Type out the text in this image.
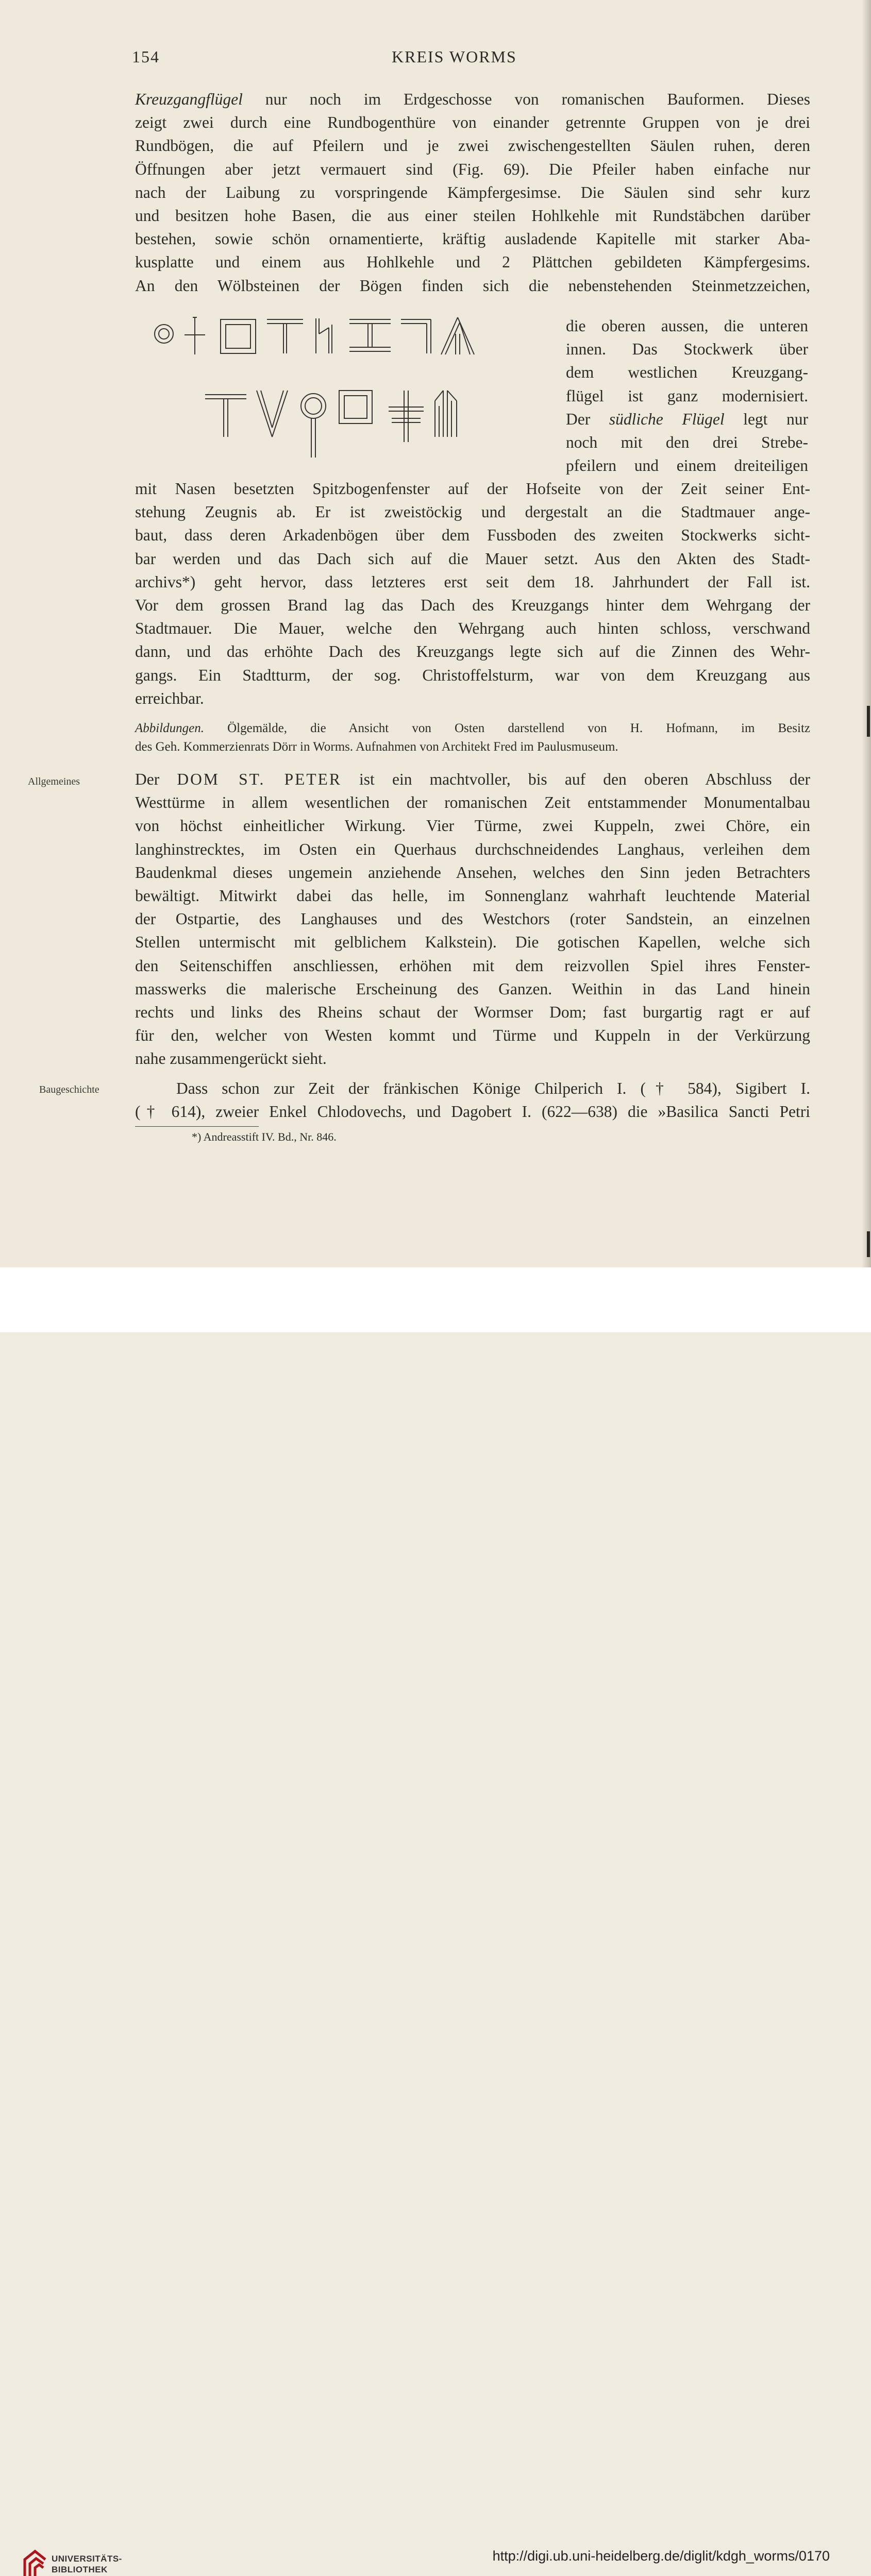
154	KREIS WORMS
Kreuzgangflügel nur noch im Erdgeschosse von romanischen Bauformen. Dieses
zeigt zwei durch eine Rundbogenthüre von einander getrennte Gruppen von je drei
Rundbögen, die auf Pfeilern und je zwei zwischengestellten Säulen ruhen, deren
Öffnungen aber jetzt vermauert sind (Fig. 69). Die Pfeiler haben einfache nur
nach der Laibung zu vorspringende Kämpfergesimse. Die Säulen sind sehr kurz
und besitzen hohe Basen, die aus einer steilen Hohlkehle mit Rundstäbchen darüber
bestehen, sowie schön ornamentierte, kräftig ausladende Kapitelle mit starker Aba-
kusplatte und einem aus Hohlkehle und 2 Plättchen gebildeten Kämpfergesims.
An den Wölbsteinen der Bögen finden sich die nebenstehenden Steinmetzzeichen,
die oberen aussen, die unteren
innen. Das Stockwerk über
dem westlichen Kreuzgang-
flügel ist ganz modernisiert.
Der südliche Flügel legt nur
noch mit den drei Strebe-
pfeilern und einem dreiteiligen
mit Nasen besetzten Spitzbogenfenster auf der Hofseite von der Zeit seiner Ent-
stehung Zeugnis ab. Er ist zweistöckig und dergestalt an die Stadtmauer ange-
baut, dass deren Arkadenbögen über dem Fussboden des zweiten Stockwerks sicht-
bar werden und das Dach sich auf die Mauer setzt. Aus den Akten des Stadt-
archivs*) geht hervor, dass letzteres erst seit dem 18. Jahrhundert der Fall ist.
Vor dem grossen Brand lag das Dach des Kreuzgangs hinter dem Wehrgang der
Stadtmauer. Die Mauer, welche den Wehrgang auch hinten schloss, verschwand
dann, und das erhöhte Dach des Kreuzgangs legte sich auf die Zinnen des Wehr-
gangs. Ein Stadtturm, der sog. Christoffelsturm, war von dem Kreuzgang aus
erreichbar.
Abbildungen. Ölgemälde, die Ansicht von Osten darstellend von H. Hofmann, im Besitz
des Geh. Kommerzienrats Dörr in Worms. Aufnahmen von Architekt Fred im Paulusmuseum.
Allgemeines	Der DOM ST. PETER ist ein machtvoller, bis auf den oberen Abschluss der
Westtürme in allem wesentlichen der romanischen Zeit entstammender Monumentalbau
von höchst einheitlicher Wirkung. Vier Türme, zwei Kuppeln, zwei Chöre, ein
langhinstrecktes, im Osten ein Querhaus durchschneidendes Langhaus, verleihen dem
Baudenkmal dieses ungemein anziehende Ansehen, welches den Sinn jeden Betrachters
bewältigt. Mitwirkt dabei das helle, im Sonnenglanz wahrhaft leuchtende Material
der Ostpartie, des Langhauses und des Westchors (roter Sandstein, an einzelnen
Stellen untermischt mit gelblichem Kalkstein). Die gotischen Kapellen, welche sich
den Seitenschiffen anschliessen, erhöhen mit dem reizvollen Spiel ihres Fenster-
masswerks die malerische Erscheinung des Ganzen. Weithin in das Land hinein
rechts und links des Rheins schaut der Wormser Dom; fast burgartig ragt er auf
für den, welcher von Westen kommt und Türme und Kuppeln in der Verkürzung
nahe zusammengerückt sieht.
Baugeschichte	Dass schon zur Zeit der fränkischen Könige Chilperich I. († 584), Sigibert I.
(† 614), zweier Enkel Chlodovechs, und Dagobert I. (622—638) die »Basilica Sancti Petri
*) Andreasstift IV. Bd., Nr. 846.
UNIVERSITÄTS-
BIBLIOTHEK
http://digi.ub.uni-heidelberg.de/diglit/kdgh_worms/0170
